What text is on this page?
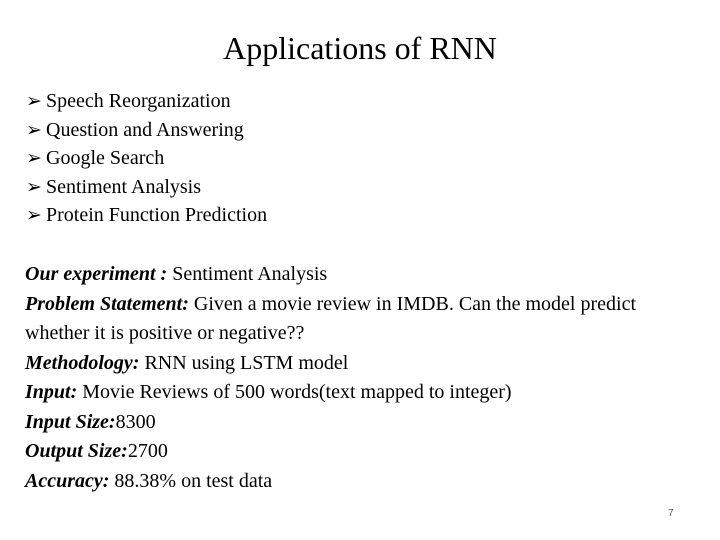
Applications of RNN
➢ Speech Reorganization
➢ Question and Answering
➢ Google Search
➢ Sentiment Analysis
➢ Protein Function Prediction

Our experiment : Sentiment Analysis

Problem Statement: Given a movie review in IMDB. Can the model predict whether it is positive or negative??

Methodology: RNN using LSTM model

Input: Movie Reviews of 500 words(text mapped to integer)

Input Size:8300

Output Size:2700

Accuracy: 88.38% on test data

7
